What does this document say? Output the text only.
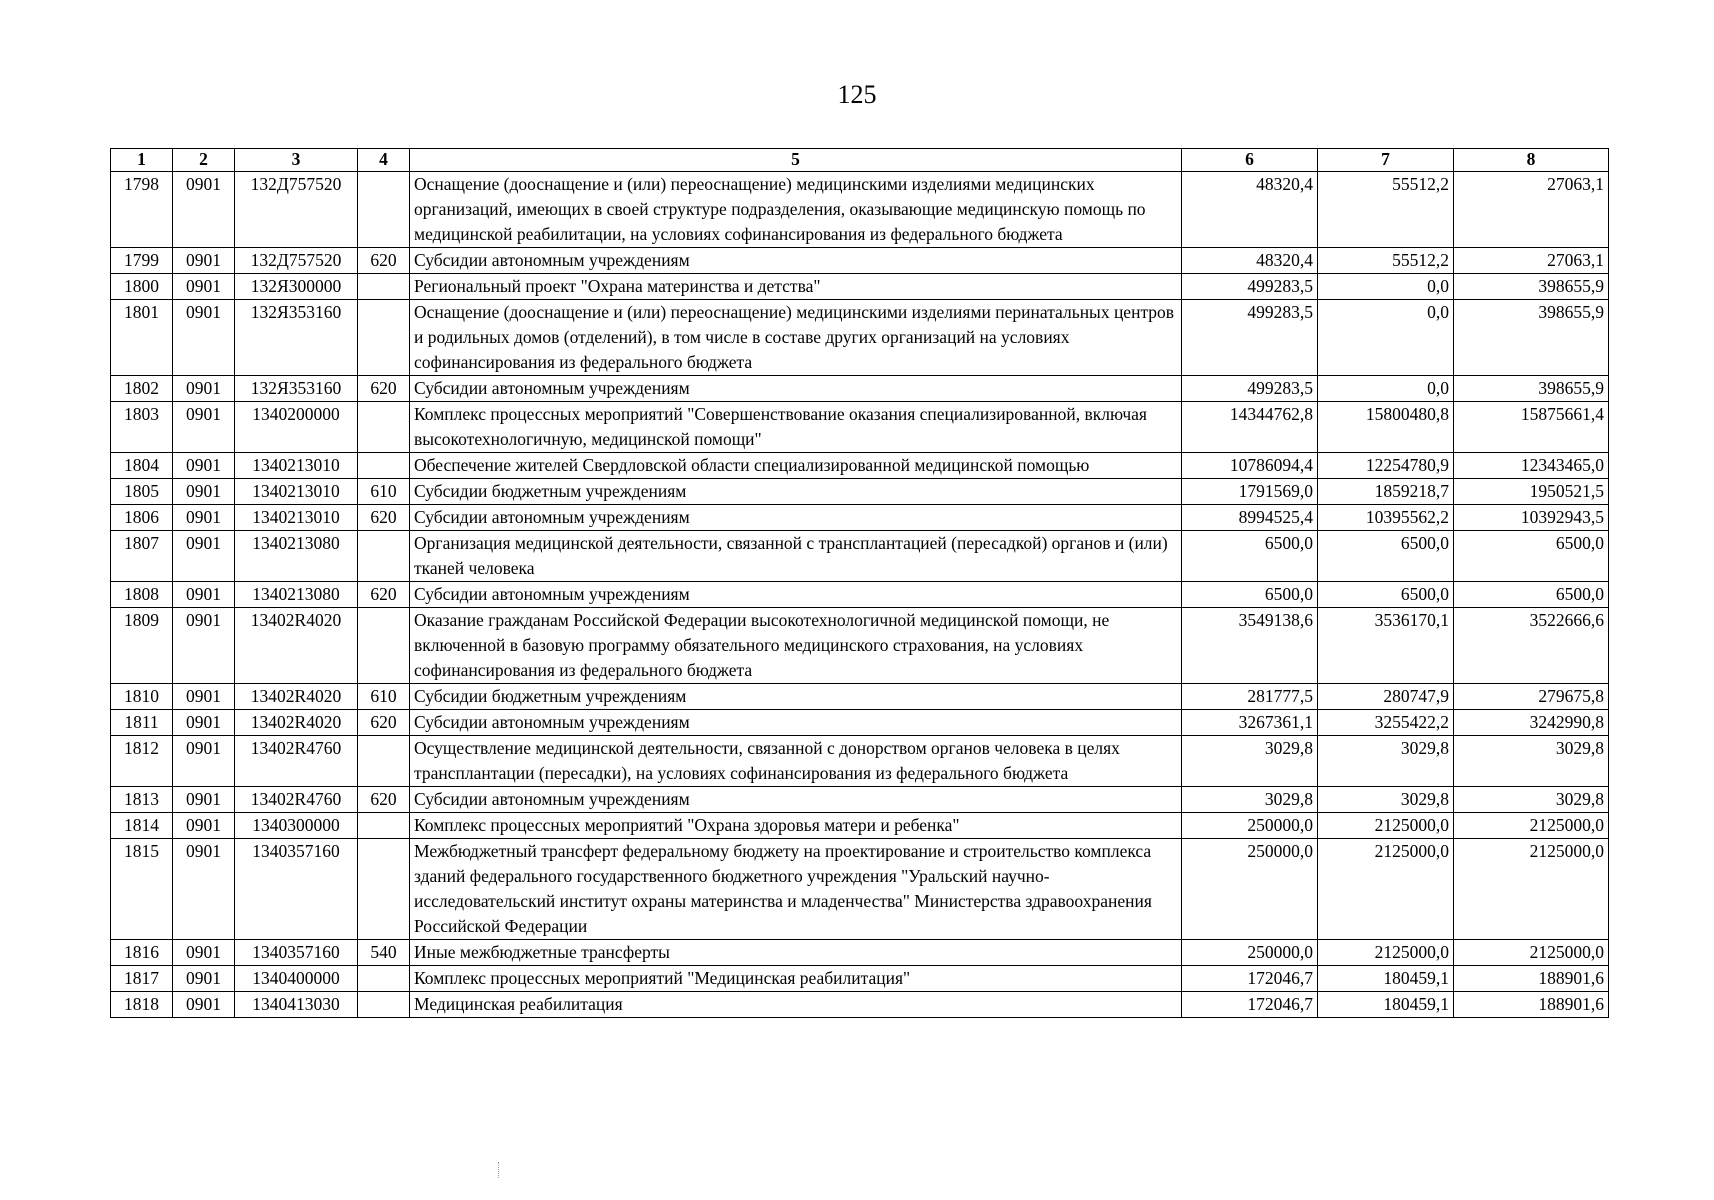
125
1	2	3	4	5	6	7	8
1798	0901	132Д757520		Оснащение (дооснащение и (или) переоснащение) медицинскими изделиями медицинских организаций, имеющих в своей структуре подразделения, оказывающие медицинскую помощь по медицинской реабилитации, на условиях софинансирования из федерального бюджета	48320,4	55512,2	27063,1
1799	0901	132Д757520	620	Субсидии автономным учреждениям	48320,4	55512,2	27063,1
1800	0901	132Я300000		Региональный проект "Охрана материнства и детства"	499283,5	0,0	398655,9
1801	0901	132Я353160		Оснащение (дооснащение и (или) переоснащение) медицинскими изделиями перинатальных центров и родильных домов (отделений), в том числе в составе других организаций на условиях софинансирования из федерального бюджета	499283,5	0,0	398655,9
1802	0901	132Я353160	620	Субсидии автономным учреждениям	499283,5	0,0	398655,9
1803	0901	1340200000		Комплекс процессных мероприятий "Совершенствование оказания специализированной, включая высокотехнологичную, медицинской помощи"	14344762,8	15800480,8	15875661,4
1804	0901	1340213010		Обеспечение жителей Свердловской области специализированной медицинской помощью	10786094,4	12254780,9	12343465,0
1805	0901	1340213010	610	Субсидии бюджетным учреждениям	1791569,0	1859218,7	1950521,5
1806	0901	1340213010	620	Субсидии автономным учреждениям	8994525,4	10395562,2	10392943,5
1807	0901	1340213080		Организация медицинской деятельности, связанной с трансплантацией (пересадкой) органов и (или) тканей человека	6500,0	6500,0	6500,0
1808	0901	1340213080	620	Субсидии автономным учреждениям	6500,0	6500,0	6500,0
1809	0901	13402R4020		Оказание гражданам Российской Федерации высокотехнологичной медицинской помощи, не включенной в базовую программу обязательного медицинского страхования, на условиях софинансирования из федерального бюджета	3549138,6	3536170,1	3522666,6
1810	0901	13402R4020	610	Субсидии бюджетным учреждениям	281777,5	280747,9	279675,8
1811	0901	13402R4020	620	Субсидии автономным учреждениям	3267361,1	3255422,2	3242990,8
1812	0901	13402R4760		Осуществление медицинской деятельности, связанной с донорством органов человека в целях трансплантации (пересадки), на условиях софинансирования из федерального бюджета	3029,8	3029,8	3029,8
1813	0901	13402R4760	620	Субсидии автономным учреждениям	3029,8	3029,8	3029,8
1814	0901	1340300000		Комплекс процессных мероприятий "Охрана здоровья матери и ребенка"	250000,0	2125000,0	2125000,0
1815	0901	1340357160		Межбюджетный трансферт федеральному бюджету на проектирование и строительство комплекса зданий федерального государственного бюджетного учреждения "Уральский научно-исследовательский институт охраны материнства и младенчества" Министерства здравоохранения Российской Федерации	250000,0	2125000,0	2125000,0
1816	0901	1340357160	540	Иные межбюджетные трансферты	250000,0	2125000,0	2125000,0
1817	0901	1340400000		Комплекс процессных мероприятий "Медицинская реабилитация"	172046,7	180459,1	188901,6
1818	0901	1340413030		Медицинская реабилитация	172046,7	180459,1	188901,6
